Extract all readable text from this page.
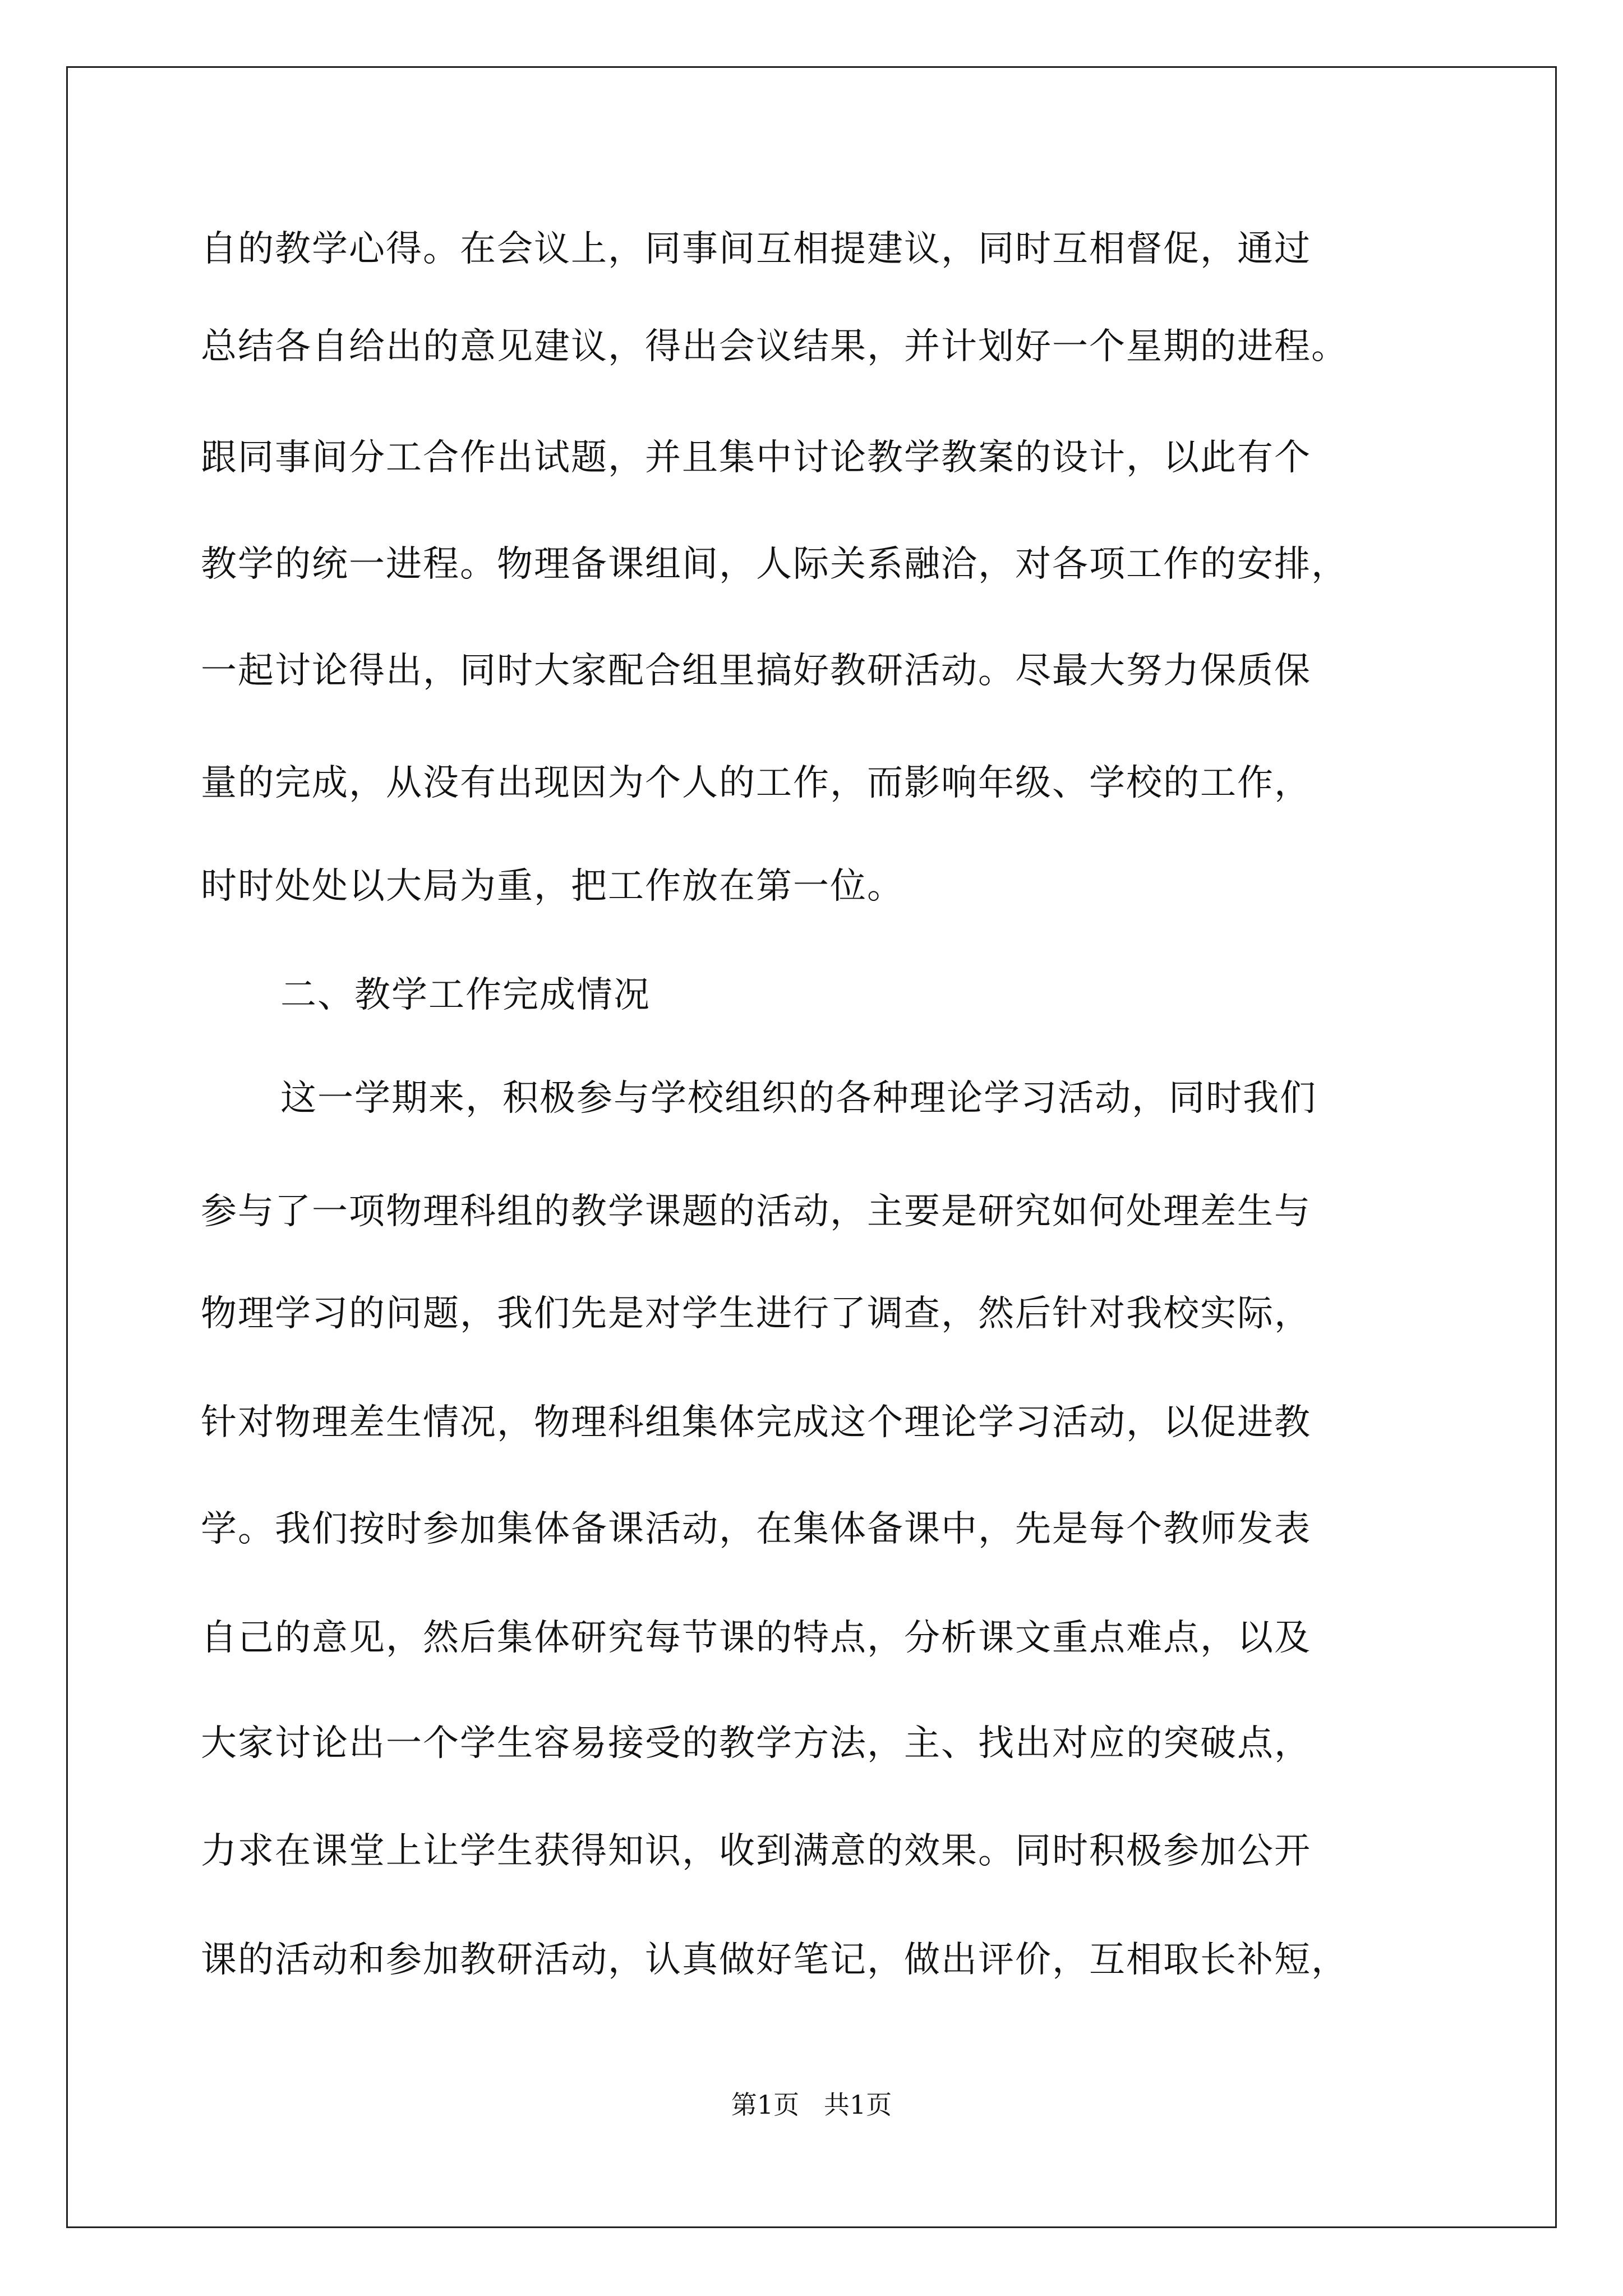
自的教学心得。在会议上，同事间互相提建议，同时互相督促，通过
总结各自给出的意见建议，得出会议结果，并计划好一个星期的进程。
跟同事间分工合作出试题，并且集中讨论教学教案的设计，以此有个
教学的统一进程。物理备课组间，人际关系融洽，对各项工作的安排，
一起讨论得出，同时大家配合组里搞好教研活动。尽最大努力保质保
量的完成，从没有出现因为个人的工作，而影响年级、学校的工作，
时时处处以大局为重，把工作放在第一位。
二、教学工作完成情况
这一学期来，积极参与学校组织的各种理论学习活动，同时我们
参与了一项物理科组的教学课题的活动，主要是研究如何处理差生与
物理学习的问题，我们先是对学生进行了调查，然后针对我校实际，
针对物理差生情况，物理科组集体完成这个理论学习活动，以促进教
学。我们按时参加集体备课活动，在集体备课中，先是每个教师发表
自己的意见，然后集体研究每节课的特点，分析课文重点难点，以及
大家讨论出一个学生容易接受的教学方法，主、找出对应的突破点，
力求在课堂上让学生获得知识，收到满意的效果。同时积极参加公开
课的活动和参加教研活动，认真做好笔记，做出评价，互相取长补短，
第1页   共1页
